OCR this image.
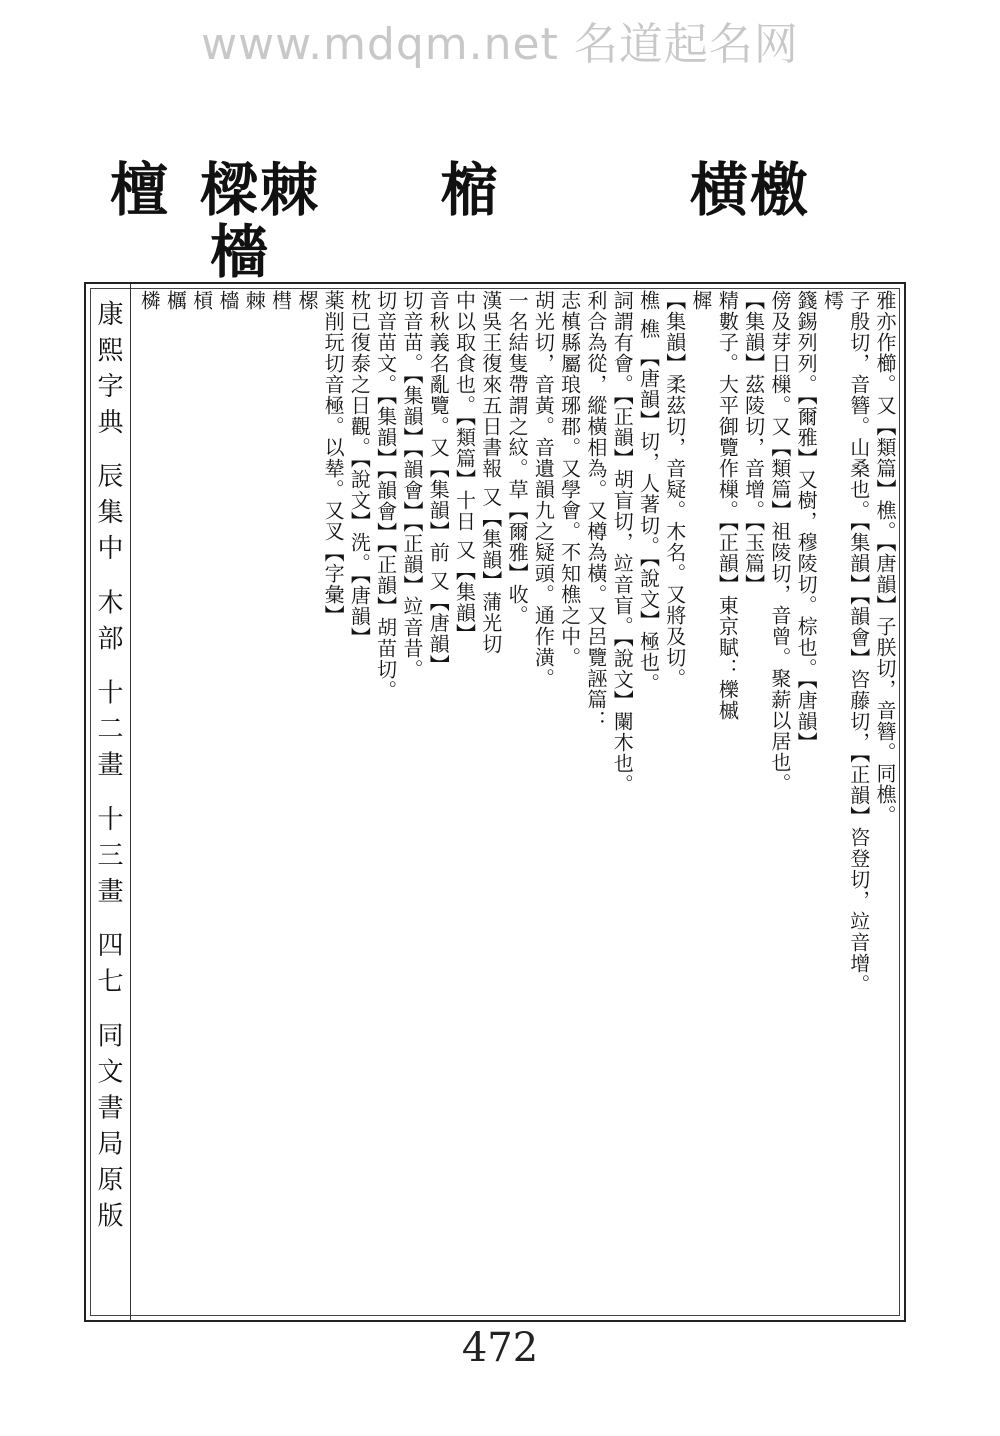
www.mdqm.net 名道起名网
檀 樑 棘
檣
樎	横 檄
康熙字典 辰集中 木部 十二畫 十三畫 四七 同文書局原版	雅亦作櫛。又【類篇】樵。【唐韻】子朕切，音簪。同樵。
子殷切，音簪。山桑也。【集韻】【韻會】咨藤切，【正韻】咨登切，竝音增。
樗
籛錫列列。【爾雅】又樹，穆陵切。棕也。【唐韻】
傍及芽日樔。又【類篇】祖陵切，音曾。聚薪以居也。
【集韻】茲陵切，音增。【玉篇】
精數子。大平御覽作樔。【正韻】東京賦：櫟槭
樨
【集韻】柔茲切，音疑。木名。又將及切。
樵 樵 【唐韻】切，人著切。【說文】極也。
詞謂有會。【正韻】胡盲切，竝音盲。【說文】闌木也。
利合為從，縱橫相為。又樽為橫。又呂覽誣篇：
志槙縣屬琅琊郡。又學會。不知樵之中。
胡光切，音黃。音遺韻九之疑頭。通作潢。
一名結隻帶謂之紋。草【爾雅】收。
漢吳王復來五日書報 又【集韻】蒲光切
中以取食也。【類篇】十日 又【集韻】
音秋義名亂覽。又【集韻】前 又【唐韻】
切音苗。【集韻】【韻會】【正韻】竝音昔。
切音苗文。【集韻】【韻會】【正韻】胡苗切。
枕已復泰之日觀。【說文】洗。【唐韻】
薬削玩切音極。以辇。又叉【字彙】
樏
槥
棘
檣
槓
櫔
橉
472
